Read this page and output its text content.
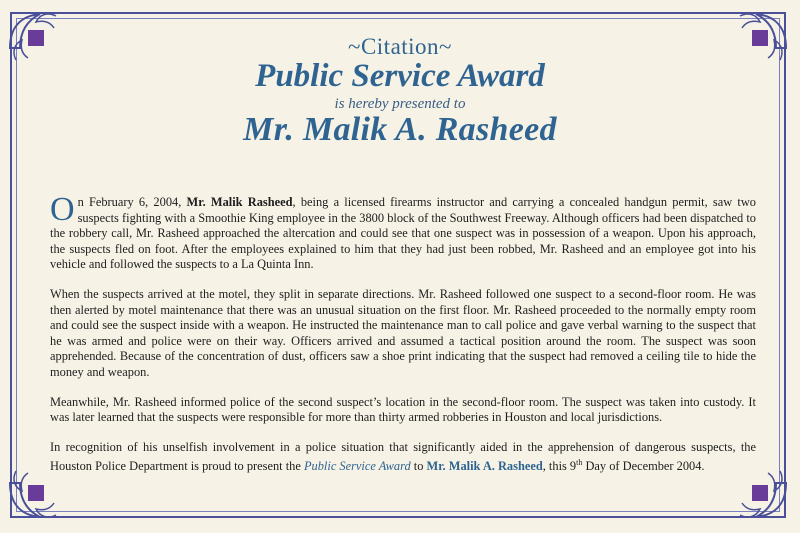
~Citation~
Public Service Award
is hereby presented to
Mr. Malik A. Rasheed

On February 6, 2004, Mr. Malik Rasheed, being a licensed firearms instructor and carrying a concealed handgun permit, saw two suspects fighting with a Smoothie King employee in the 3800 block of the Southwest Freeway. Although officers had been dispatched to the robbery call, Mr. Rasheed approached the altercation and could see that one suspect was in possession of a weapon. Upon his approach, the suspects fled on foot. After the employees explained to him that they had just been robbed, Mr. Rasheed and an employee got into his vehicle and followed the suspects to a La Quinta Inn.

When the suspects arrived at the motel, they split in separate directions. Mr. Rasheed followed one suspect to a second-floor room. He was then alerted by motel maintenance that there was an unusual situation on the first floor. Mr. Rasheed proceeded to the normally empty room and could see the suspect inside with a weapon. He instructed the maintenance man to call police and gave verbal warning to the suspect that he was armed and police were on their way. Officers arrived and assumed a tactical position around the room. The suspect was soon apprehended. Because of the concentration of dust, officers saw a shoe print indicating that the suspect had removed a ceiling tile to hide the money and weapon.

Meanwhile, Mr. Rasheed informed police of the second suspect’s location in the second-floor room. The suspect was taken into custody. It was later learned that the suspects were responsible for more than thirty armed robberies in Houston and local jurisdictions.

In recognition of his unselfish involvement in a police situation that significantly aided in the apprehension of dangerous suspects, the Houston Police Department is proud to present the Public Service Award to Mr. Malik A. Rasheed, this 9th Day of December 2004.
